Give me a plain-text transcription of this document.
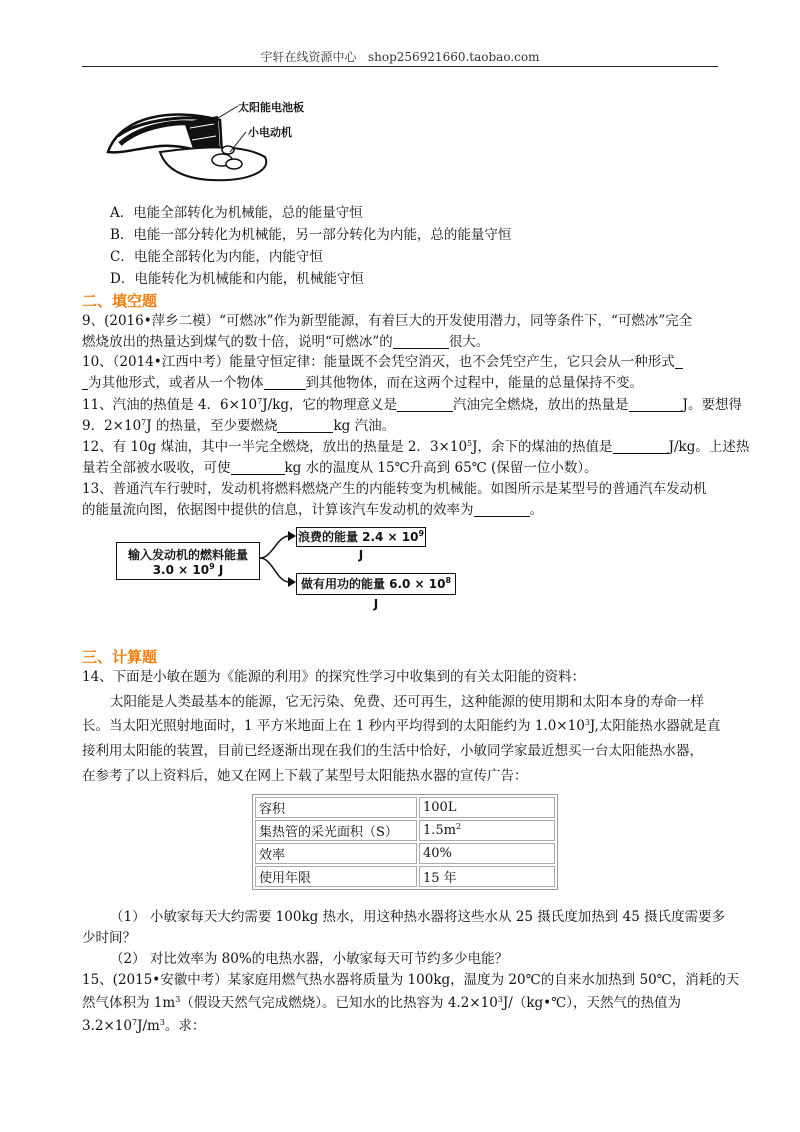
宇轩在线资源中心 shop256921660.taobao.com
太阳能电池板
小电动机
A．电能全部转化为机械能，总的能量守恒
B．电能一部分转化为机械能，另一部分转化为内能，总的能量守恒
C．电能全部转化为内能，内能守恒
D．电能转化为机械能和内能，机械能守恒
二、填空题
9、(2016•萍乡二模）“可燃冰”作为新型能源，有着巨大的开发使用潜力，同等条件下，“可燃冰”完全
燃烧放出的热量达到煤气的数十倍，说明“可燃冰”的	很大。
10、（2014•江西中考）能量守恒定律：能量既不会凭空消灭，也不会凭空产生，它只会从一种形式
为其他形式，或者从一个物体	到其他物体，而在这两个过程中，能量的总量保持不变。
11、汽油的热值是 4．$6\times 10^7J/kg$，它的物理意义是	汽油完全燃烧，放出的热量是	J。要想得
9．$2\times 10^7J$ 的热量，至少要燃烧	kg 汽油。
12、有 10g 煤油，其中一半完全燃烧，放出的热量是 2．$3\times 10^5J$，余下的煤油的热值是	J/kg。上述热
量若全部被水吸收，可使	kg 水的温度从 15℃升高到 65℃ (保留一位小数）。
13、普通汽车行驶时，发动机将燃料燃烧产生的内能转变为机械能。如图所示是某型号的普通汽车发动机
的能量流向图，依据图中提供的信息，计算该汽车发动机的效率为	。
输入发动机的燃料能量
$3.0 \times 10^9$ J
浪费的能量 $2.4 \times 10^9$ J
做有用功的能量 $6.0 \times 10^8$ J
三、计算题
14、下面是小敏在题为《能源的利用》的探究性学习中收集到的有关太阳能的资料：
太阳能是人类最基本的能源，它无污染、免费、还可再生，这种能源的使用期和太阳本身的寿命一样
长。当太阳光照射地面时，1 平方米地面上在 1 秒内平均得到的太阳能约为 $1.0\times 10^3J$,太阳能热水器就是直
接利用太阳能的装置，目前已经逐渐出现在我们的生活中恰好，小敏同学家最近想买一台太阳能热水器，
在参考了以上资料后，她又在网上下载了某型号太阳能热水器的宣传广告：
容积	100L
集热管的采光面积（S）	$1.5m^2$
效率	40%
使用年限	15 年
（1） 小敏家每天大约需要 100kg 热水，用这种热水器将这些水从 25 摄氏度加热到 45 摄氏度需要多
少时间？
（2） 对比效率为 80%的电热水器，小敏家每天可节约多少电能？
15、(2015•安徽中考）某家庭用燃气热水器将质量为 100kg，温度为 20℃的自来水加热到 50℃，消耗的天
然气体积为 $1m^3$（假设天然气完成燃烧）。已知水的比热容为 $4.2\times 10^3J/(kg•℃)$，天然气的热值为
$3.2\times 10^7J/m^3$。求：
